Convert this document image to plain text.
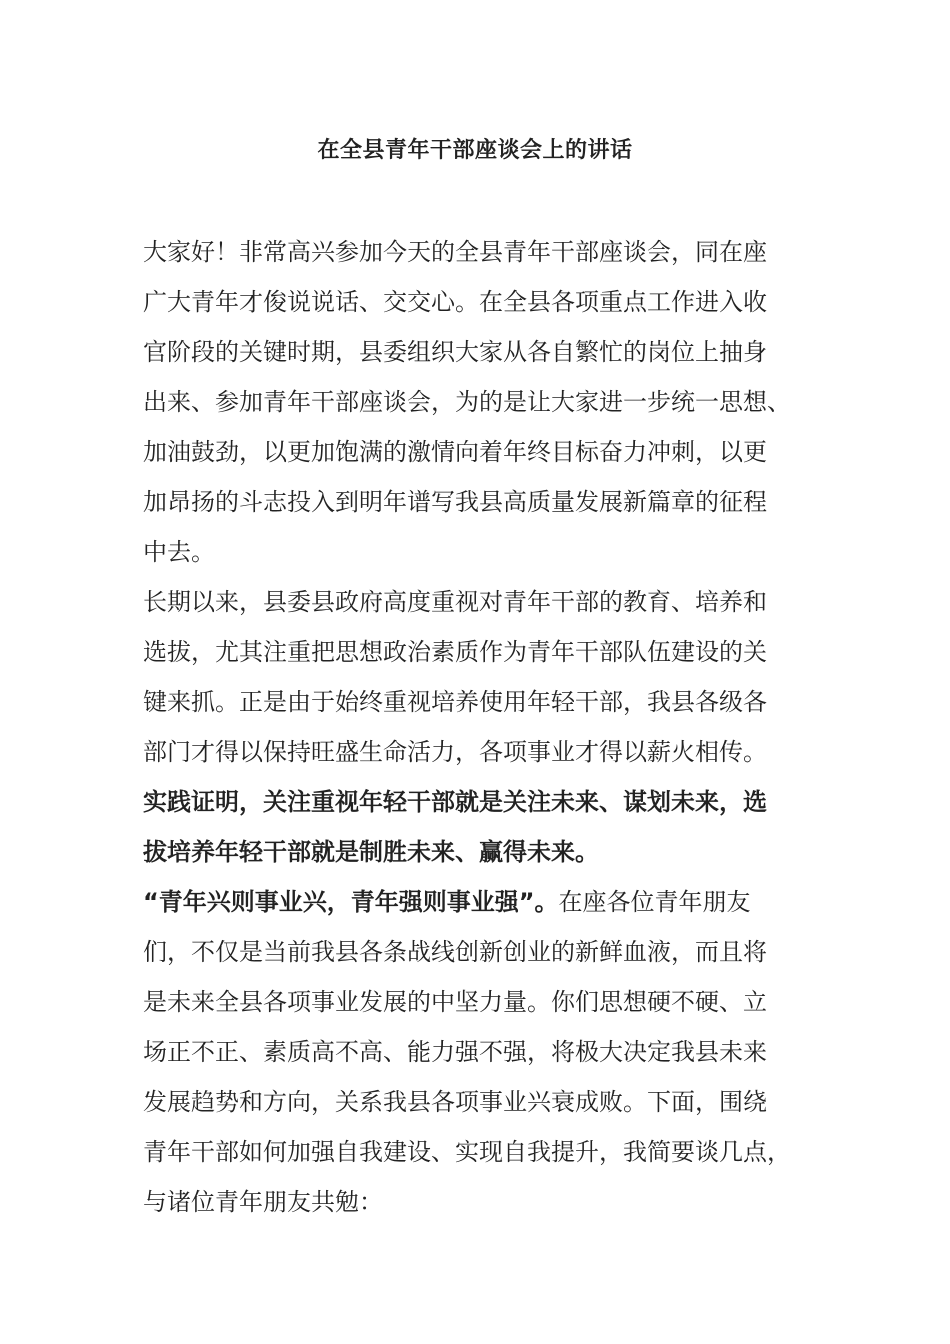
在全县青年干部座谈会上的讲话
大家好！非常高兴参加今天的全县青年干部座谈会，同在座
广大青年才俊说说话、交交心。在全县各项重点工作进入收
官阶段的关键时期，县委组织大家从各自繁忙的岗位上抽身
出来、参加青年干部座谈会，为的是让大家进一步统一思想、
加油鼓劲，以更加饱满的激情向着年终目标奋力冲刺，以更
加昂扬的斗志投入到明年谱写我县高质量发展新篇章的征程
中去。
长期以来，县委县政府高度重视对青年干部的教育、培养和
选拔，尤其注重把思想政治素质作为青年干部队伍建设的关
键来抓。正是由于始终重视培养使用年轻干部，我县各级各
部门才得以保持旺盛生命活力，各项事业才得以薪火相传。
实践证明，关注重视年轻干部就是关注未来、谋划未来，选
拔培养年轻干部就是制胜未来、赢得未来。
“青年兴则事业兴，青年强则事业强”。在座各位青年朋友
们，不仅是当前我县各条战线创新创业的新鲜血液，而且将
是未来全县各项事业发展的中坚力量。你们思想硬不硬、立
场正不正、素质高不高、能力强不强，将极大决定我县未来
发展趋势和方向，关系我县各项事业兴衰成败。下面，围绕
青年干部如何加强自我建设、实现自我提升，我简要谈几点，
与诸位青年朋友共勉：
